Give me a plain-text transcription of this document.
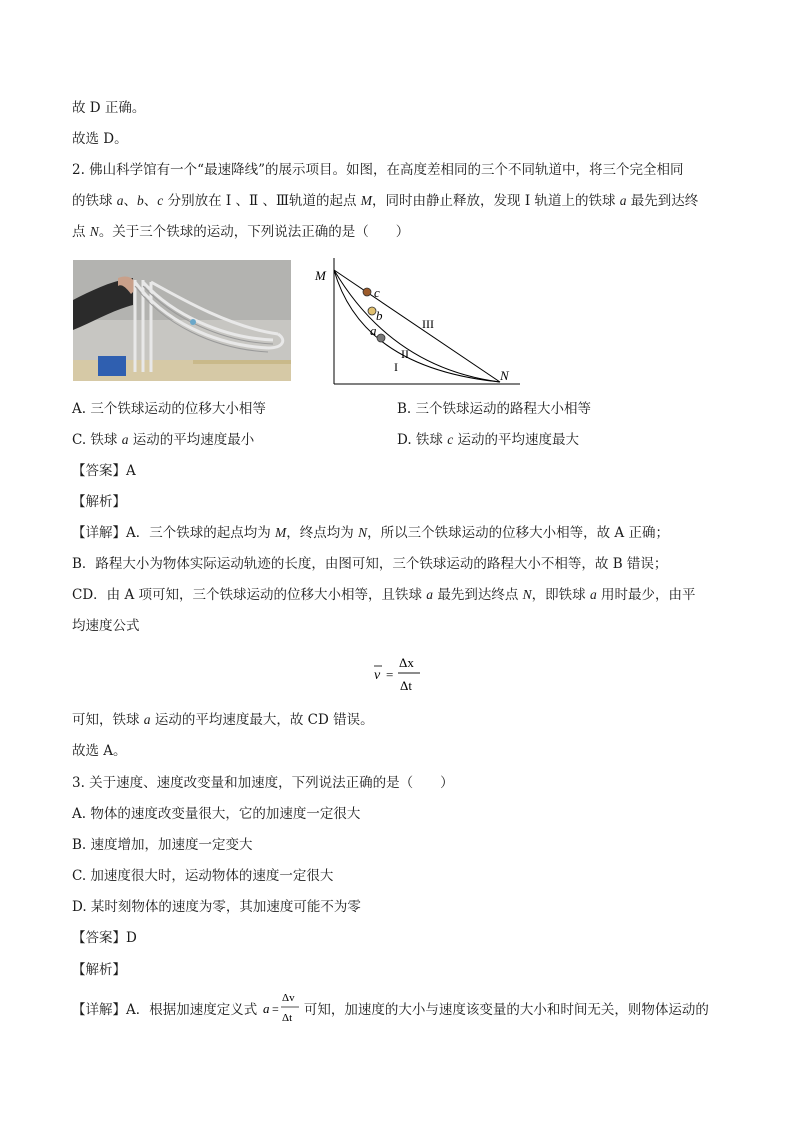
故 D 正确。
故选 D。
2. 佛山科学馆有一个“最速降线”的展示项目。如图，在高度差相同的三个不同轨道中，将三个完全相同
的铁球 a、b、c 分别放在 Ⅰ 、Ⅱ 、Ⅲ轨道的起点 M，同时由静止释放，发现 Ⅰ 轨道上的铁球 a 最先到达终
点 N。关于三个铁球的运动，下列说法正确的是（　　）
M
N
c
b
a	III
II
I
A. 三个铁球运动的位移大小相等	B. 三个铁球运动的路程大小相等
C. 铁球 a 运动的平均速度最小	D. 铁球 c 运动的平均速度最大
【答案】A
【解析】
【详解】A．三个铁球的起点均为 M，终点均为 N，所以三个铁球运动的位移大小相等，故 A 正确；
B．路程大小为物体实际运动轨迹的长度，由图可知，三个铁球运动的路程大小不相等，故 B 错误；
CD．由 A 项可知，三个铁球运动的位移大小相等，且铁球 a 最先到达终点 N，即铁球 a 用时最少，由平
均速度公式
v =
Δx
Δt
可知，铁球 a 运动的平均速度最大，故 CD 错误。
故选 A。
3. 关于速度、速度改变量和加速度，下列说法正确的是（　　）
A. 物体的速度改变量很大，它的加速度一定很大
B. 速度增加，加速度一定变大
C. 加速度很大时，运动物体的速度一定很大
D. 某时刻物体的速度为零，其加速度可能不为零
【答案】D
【解析】
【详解】A．根据加速度定义式 a =
Δv
Δt 可知，加速度的大小与速度该变量的大小和时间无关，则物体运动的
